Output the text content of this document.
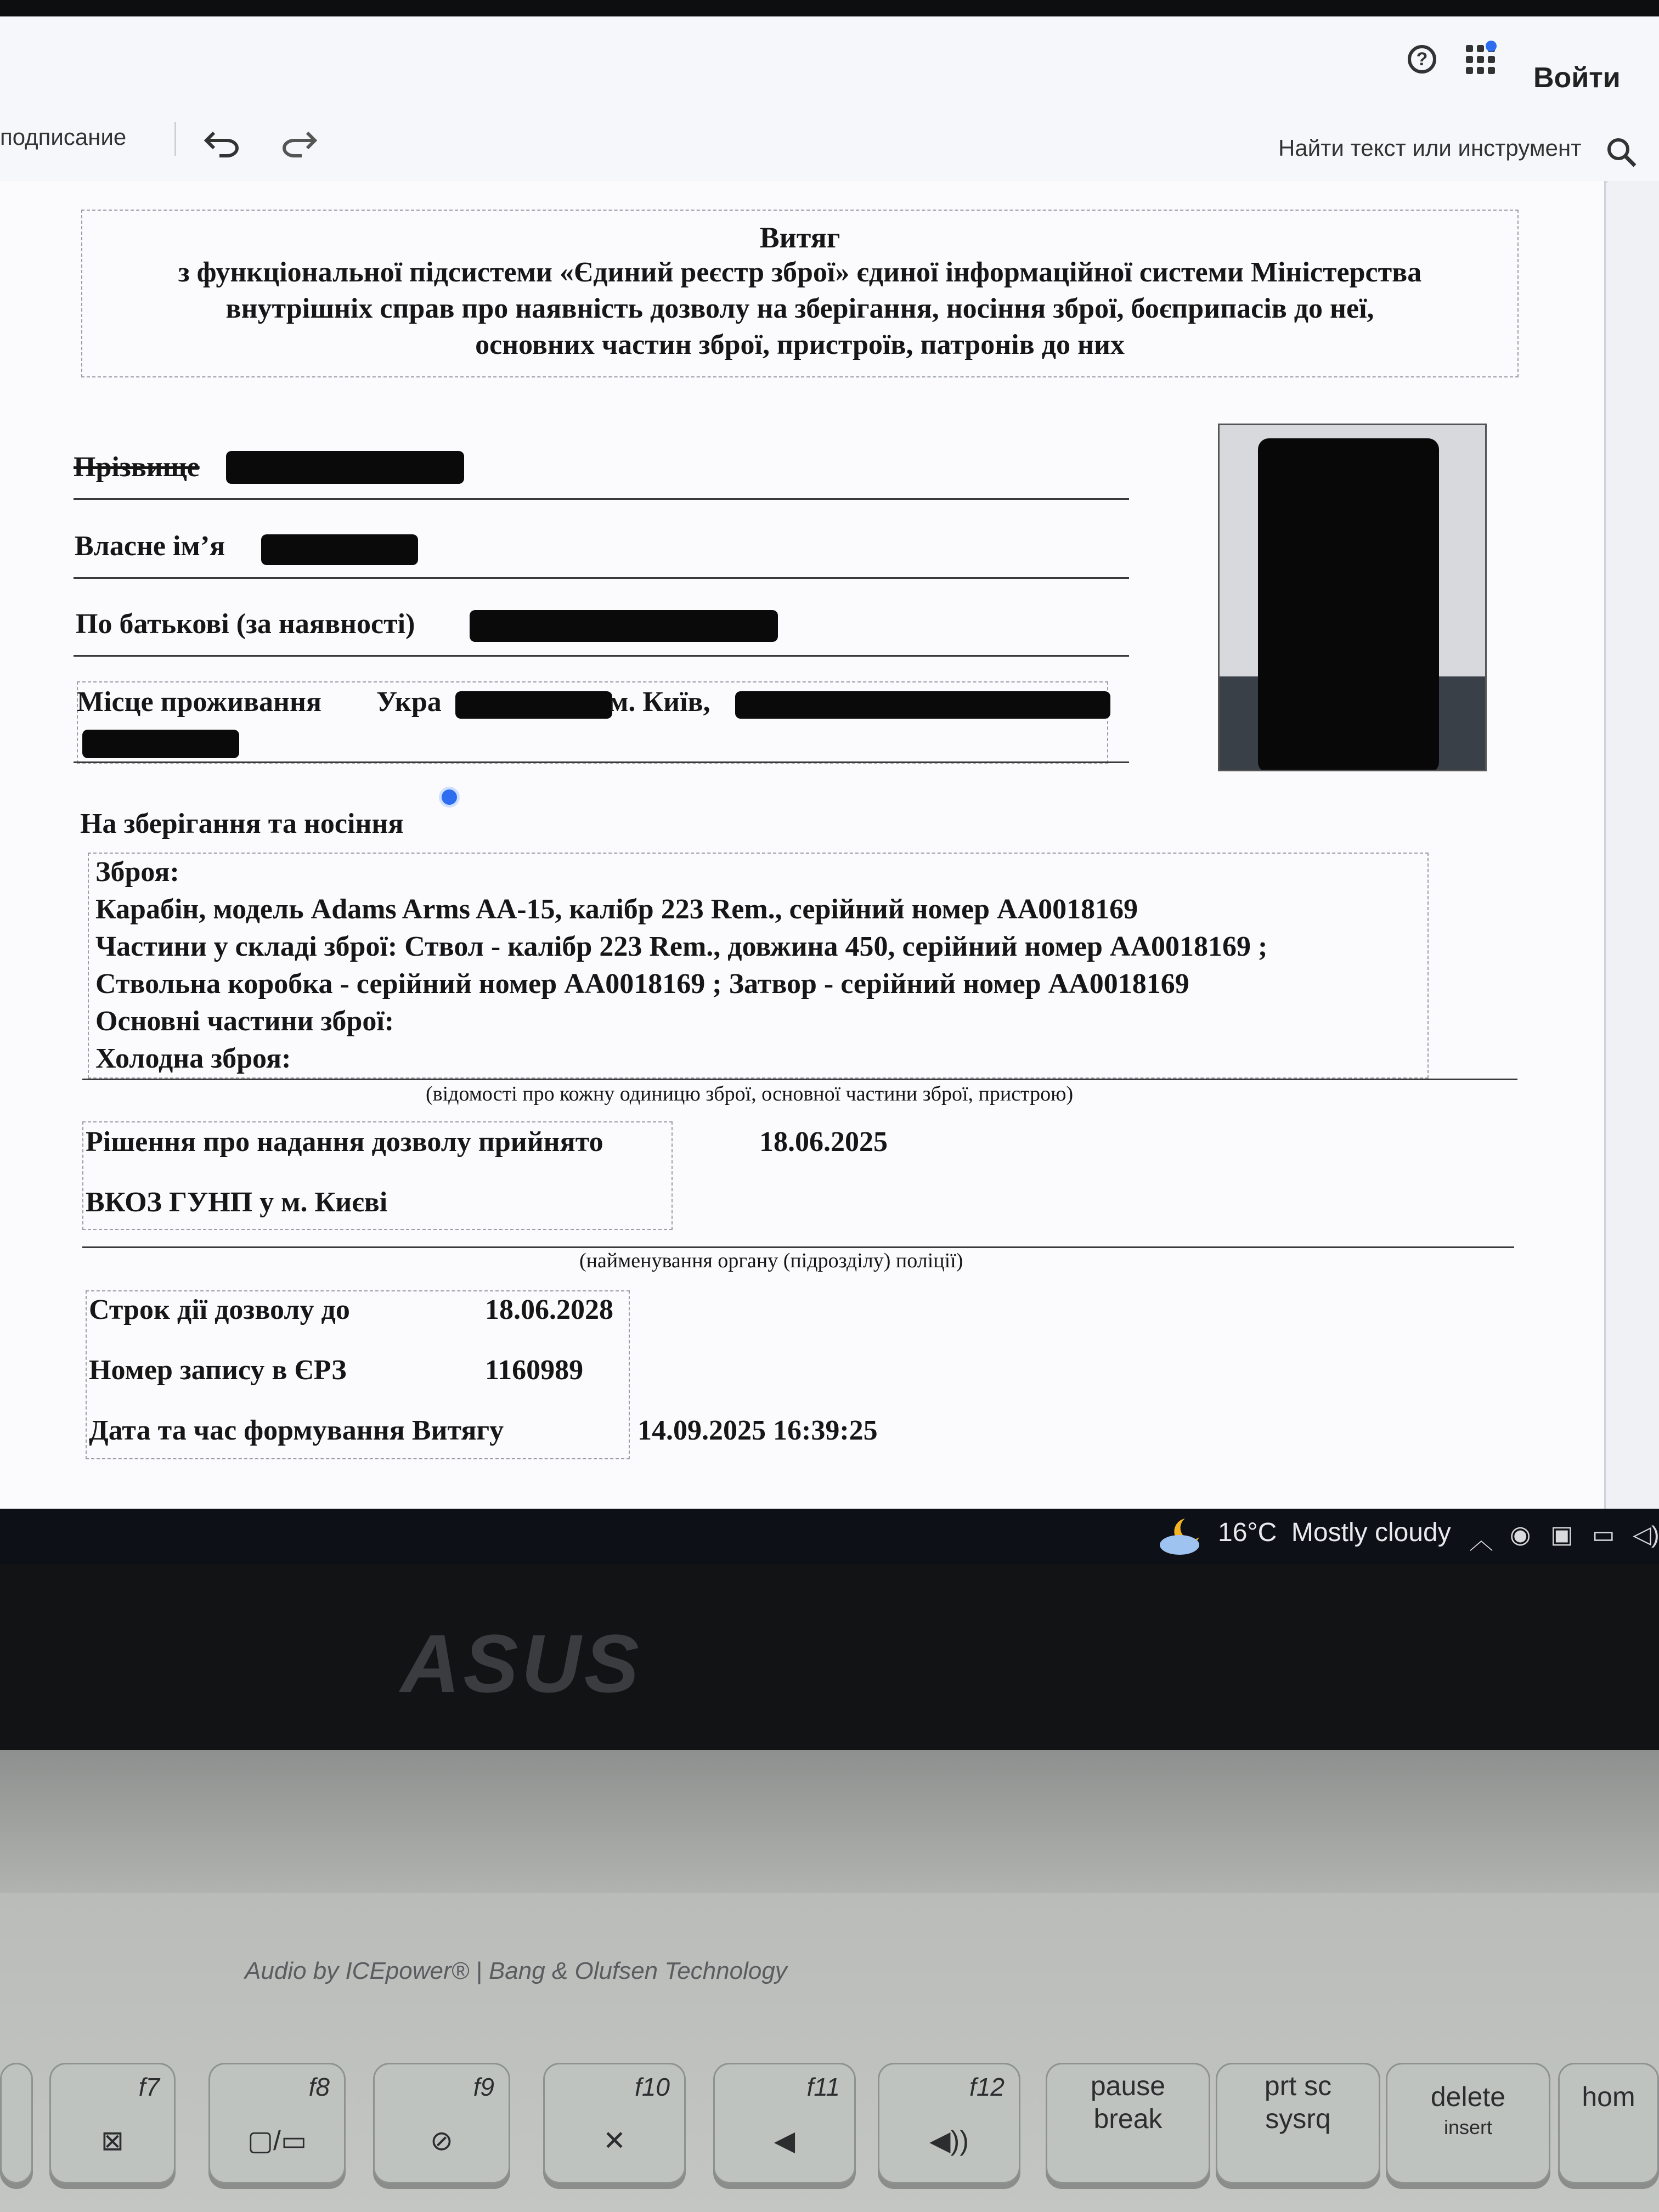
?
Войти
подписание	Найти текст или инструмент
Витяг
з функціональної підсистеми «Єдиний реєстр зброї» єдиної інформаційної системи Міністерства
внутрішніх справ про наявність дозволу на зберігання, носіння зброї, боєприпасів до неї,
основних частин зброї, пристроїв, патронів до них
Прізвище
Власне ім’я
По батькові (за наявності)
Місце проживання Укра	м. Київ,
На зберігання та носіння
Зброя:
Карабін, модель Adams Arms AA-15, калібр 223 Rem., серійний номер AA0018169
Частини у складі зброї: Ствол - калібр 223 Rem., довжина 450, серійний номер AA0018169 ;
Ствольна коробка - серійний номер AA0018169 ; Затвор - серійний номер AA0018169
Основні частини зброї:
Холодна зброя:
(відомості про кожну одиницю зброї, основної частини зброї, пристрою)
Рішення про надання дозволу прийнято	18.06.2025
ВКОЗ ГУНП у м. Києві
(найменування органу (підрозділу) поліції)
Строк дії дозволу до	18.06.2028
Номер запису в ЄРЗ	1160989
Дата та час формування Витягу	14.09.2025 16:39:25
16°C Mostly cloudy ︿ ◉ ▣ ▭ ◁)
ASUS
Audio by ICEpower® | Bang & Olufsen Technology
f7
⊠
f8
▢/▭
f9
⊘
f10
✕
f11
◀
f12
◀))
pause
break
prt sc
sysrq
delete
insert
hom
